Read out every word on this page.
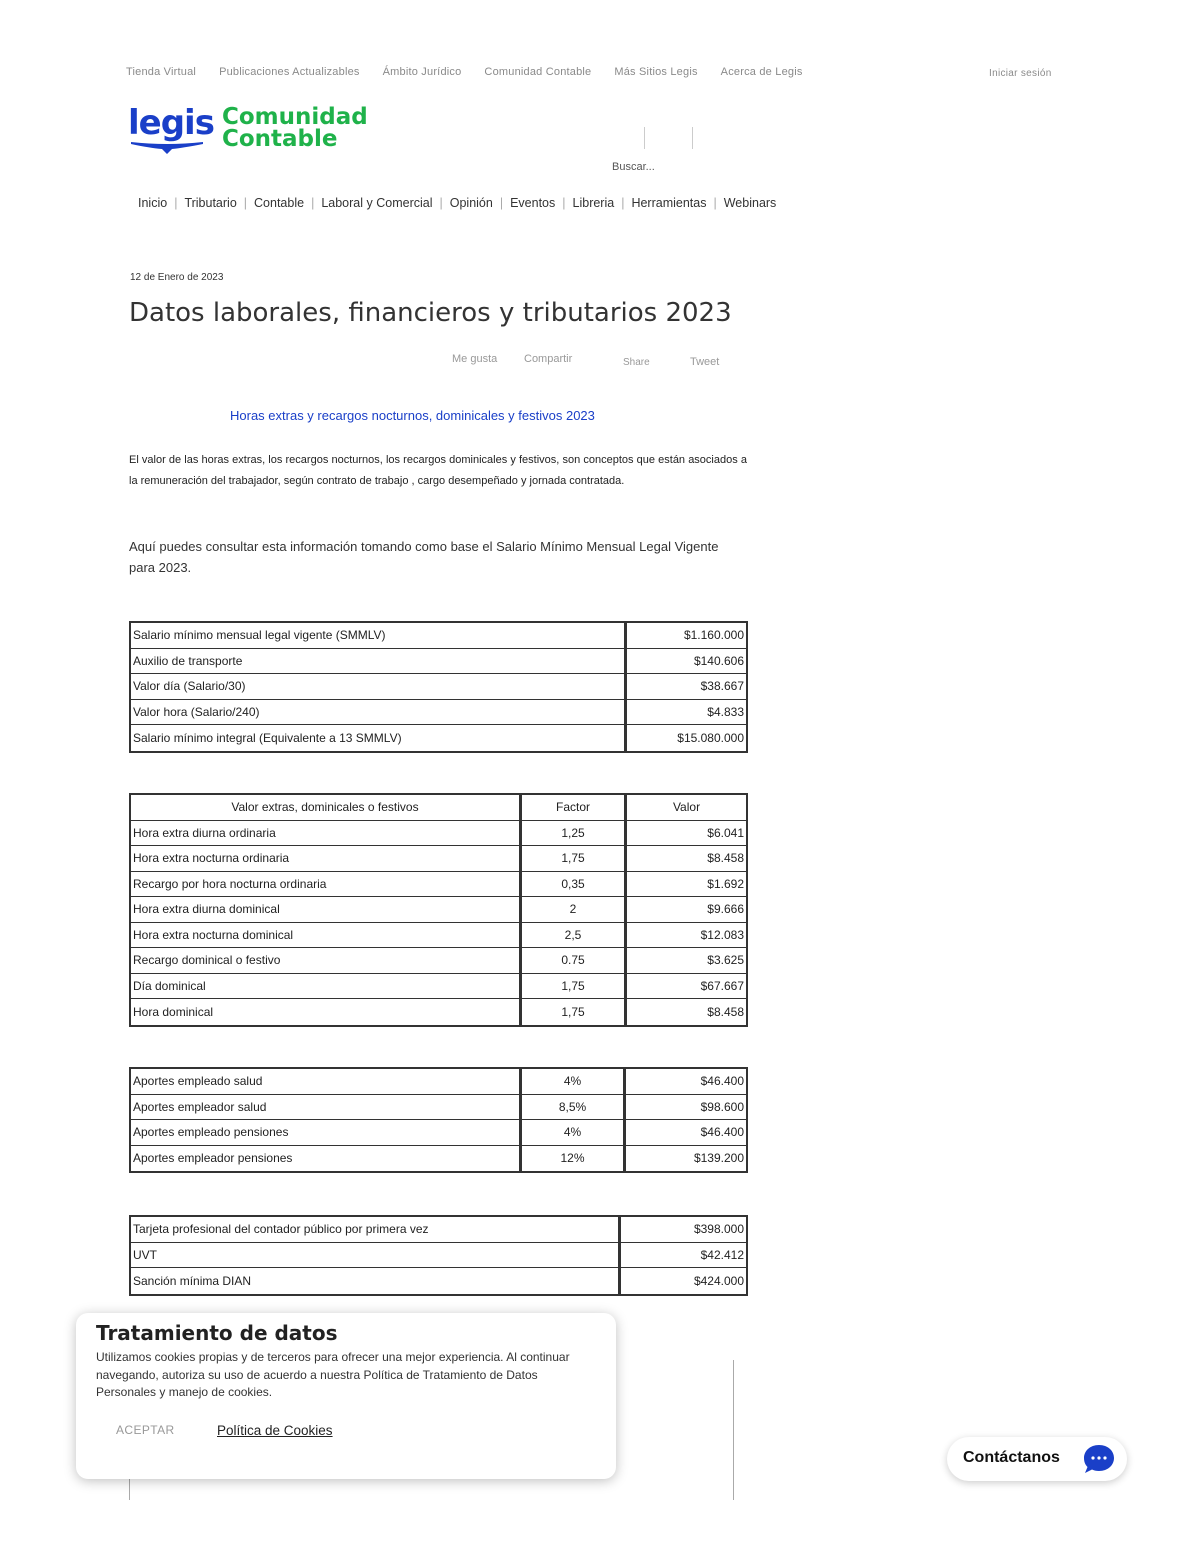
Tienda Virtual Publicaciones Actualizables Ámbito Jurídico Comunidad Contable Más Sitios Legis Acerca de Legis	Iniciar sesión
legis Comunidad
Contable
Buscar...
Inicio | Tributario | Contable | Laboral y Comercial | Opinión | Eventos | Libreria | Herramientas | Webinars
12 de Enero de 2023
Datos laborales, financieros y tributarios 2023
Me gusta Compartir	Share	Tweet
Horas extras y recargos nocturnos, dominicales y festivos 2023

El valor de las horas extras, los recargos nocturnos, los recargos dominicales y festivos, son conceptos que están asociados a la remuneración del trabajador, según contrato de trabajo , cargo desempeñado y jornada contratada.

Aquí puedes consultar esta información tomando como base el Salario Mínimo Mensual Legal Vigente para 2023.

Salario mínimo mensual legal vigente (SMMLV)	$1.160.000
Auxilio de transporte	$140.606
Valor día (Salario/30)	$38.667
Valor hora (Salario/240)	$4.833
Salario mínimo integral (Equivalente a 13 SMMLV)	$15.080.000
Valor extras, dominicales o festivos	Factor	Valor
Hora extra diurna ordinaria	1,25	$6.041
Hora extra nocturna ordinaria	1,75	$8.458
Recargo por hora nocturna ordinaria	0,35	$1.692
Hora extra diurna dominical	2	$9.666
Hora extra nocturna dominical	2,5	$12.083
Recargo dominical o festivo	0.75	$3.625
Día dominical	1,75	$67.667
Hora dominical	1,75	$8.458
Aportes empleado salud	4%	$46.400
Aportes empleador salud	8,5%	$98.600
Aportes empleado pensiones	4%	$46.400
Aportes empleador pensiones	12%	$139.200
Tarjeta profesional del contador público por primera vez	$398.000
UVT	$42.412
Sanción mínima DIAN	$424.000
Tratamiento de datos

Utilizamos cookies propias y de terceros para ofrecer una mejor experiencia. Al continuar navegando, autoriza su uso de acuerdo a nuestra Política de Tratamiento de Datos Personales y manejo de cookies.

ACEPTAR	Política de Cookies
Contáctanos
